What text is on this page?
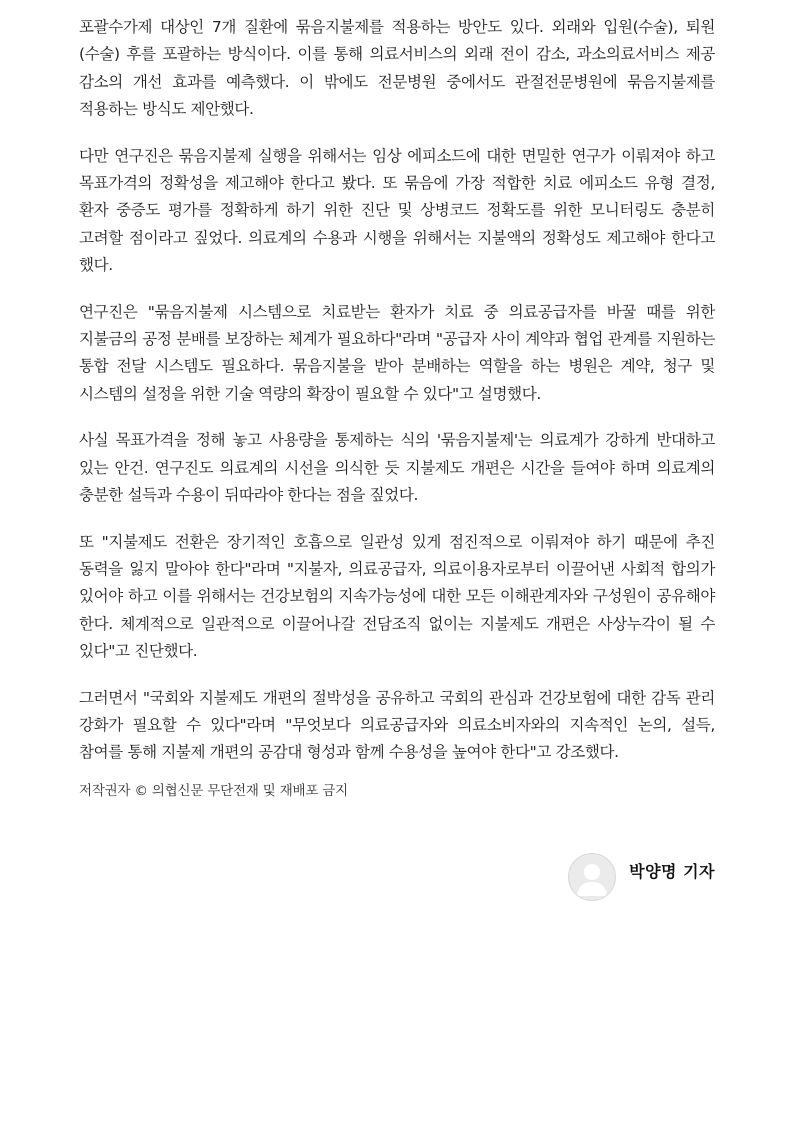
포괄수가제 대상인 7개 질환에 묶음지불제를 적용하는 방안도 있다. 외래와 입원(수술), 퇴원(수술) 후를 포괄하는 방식이다. 이를 통해 의료서비스의 외래 전이 감소, 과소의료서비스 제공 감소의 개선 효과를 예측했다. 이 밖에도 전문병원 중에서도 관절전문병원에 묶음지불제를 적용하는 방식도 제안했다.

다만 연구진은 묶음지불제 실행을 위해서는 임상 에피소드에 대한 면밀한 연구가 이뤄져야 하고 목표가격의 정확성을 제고해야 한다고 봤다. 또 묶음에 가장 적합한 치료 에피소드 유형 결정, 환자 중증도 평가를 정확하게 하기 위한 진단 및 상병코드 정확도를 위한 모니터링도 충분히 고려할 점이라고 짚었다. 의료계의 수용과 시행을 위해서는 지불액의 정확성도 제고해야 한다고 했다.

연구진은 "묶음지불제 시스템으로 치료받는 환자가 치료 중 의료공급자를 바꿀 때를 위한 지불금의 공정 분배를 보장하는 체계가 필요하다"라며 "공급자 사이 계약과 협업 관계를 지원하는 통합 전달 시스템도 필요하다. 묶음지불을 받아 분배하는 역할을 하는 병원은 계약, 청구 및 시스템의 설정을 위한 기술 역량의 확장이 필요할 수 있다"고 설명했다.

사실 목표가격을 정해 놓고 사용량을 통제하는 식의 '묶음지불제'는 의료계가 강하게 반대하고 있는 안건. 연구진도 의료계의 시선을 의식한 듯 지불제도 개편은 시간을 들여야 하며 의료계의 충분한 설득과 수용이 뒤따라야 한다는 점을 짚었다.

또 "지불제도 전환은 장기적인 호흡으로 일관성 있게 점진적으로 이뤄져야 하기 때문에 추진 동력을 잃지 말아야 한다"라며 "지불자, 의료공급자, 의료이용자로부터 이끌어낸 사회적 합의가 있어야 하고 이를 위해서는 건강보험의 지속가능성에 대한 모든 이해관계자와 구성원이 공유해야 한다. 체계적으로 일관적으로 이끌어나갈 전담조직 없이는 지불제도 개편은 사상누각이 될 수 있다"고 진단했다.

그러면서 "국회와 지불제도 개편의 절박성을 공유하고 국회의 관심과 건강보험에 대한 감독 관리 강화가 필요할 수 있다"라며 "무엇보다 의료공급자와 의료소비자와의 지속적인 논의, 설득, 참여를 통해 지불제 개편의 공감대 형성과 함께 수용성을 높여야 한다"고 강조했다.

저작권자 © 의협신문 무단전재 및 재배포 금지
박양명 기자
